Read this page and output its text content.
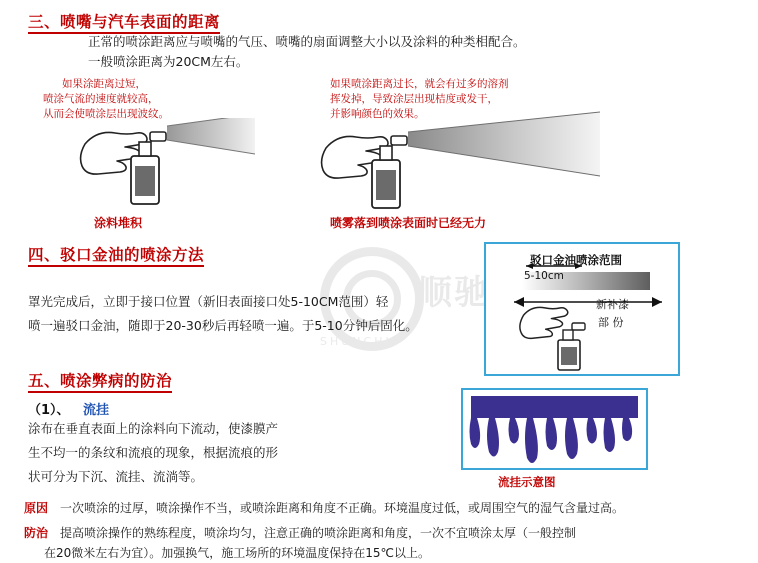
顺驰
SHUNCHI
三、喷嘴与汽车表面的距离
正常的喷涂距离应与喷嘴的气压、喷嘴的扇面调整大小以及涂料的种类相配合。
一般喷涂距离为20CM左右。
如果涂距离过短，
喷涂气流的速度就较高，
从而会使喷涂层出现波纹。
如果喷涂距离过长，就会有过多的溶剂
挥发掉，导致涂层出现桔度或发干，
并影响颜色的效果。
涂料堆积	喷雾落到喷涂表面时已经无力
四、驳口金油的喷涂方法
罩光完成后，立即于接口位置（新旧表面接口处5-10CM范围）轻
喷一遍驳口金油，随即于20-30秒后再轻喷一遍。于5-10分钟后固化。
驳口金油喷涂范围
5-10cm
新补漆
部 份
五、喷涂弊病的防治
（1）、 流挂
涂布在垂直表面上的涂料向下流动，使漆膜产
生不均一的条纹和流痕的现象，根据流痕的形
状可分为下沉、流挂、流淌等。	流挂示意图
原因 一次喷涂的过厚，喷涂操作不当，或喷涂距离和角度不正确。环境温度过低，或周围空气的湿气含量过高。
防治 提高喷涂操作的熟练程度，喷涂均匀，注意正确的喷涂距离和角度，一次不宜喷涂太厚（一般控制
在20微米左右为宜）。加强换气，施工场所的环境温度保持在15℃以上。
